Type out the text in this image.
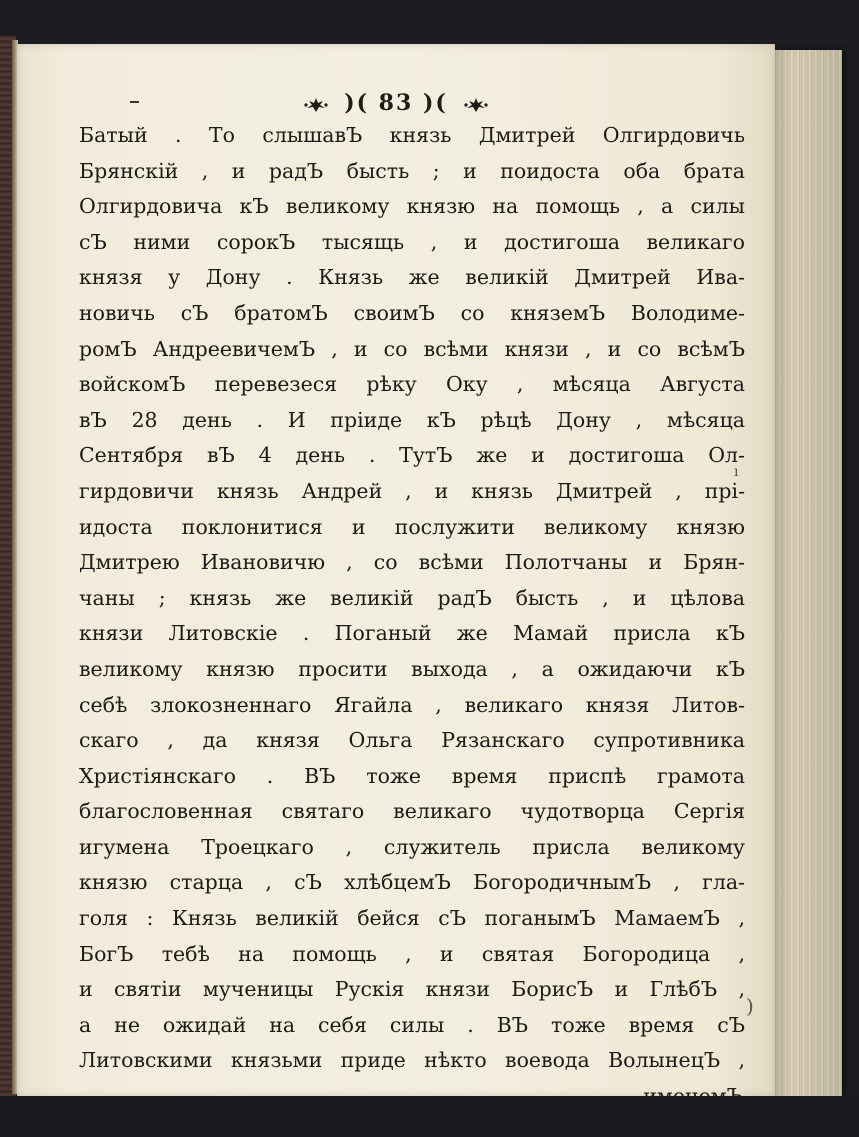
)( 83 )(
Батый . То слышавЪ князь Дмитрей Олгирдовичь
Брянскій , и радЪ бысть ; и поидоста оба брата
Олгирдовича кЪ великому князю на помощь , а силы
сЪ ними сорокЪ тысящь , и достигоша великаго
князя у Дону . Князь же великій Дмитрей Ива-
новичь сЪ братомЪ своимЪ со княземЪ Володиме-
ромЪ АндреевичемЪ , и со всѣми князи , и со всѣмЪ
войскомЪ перевезеся рѣку Оку , мѣсяца Августа
вЪ 28 день . И пріиде кЪ рѣцѣ Дону , мѣсяца
Сентября вЪ 4 день . ТутЪ же и достигоша Ол-
гирдовичи князь Андрей , и князь Дмитрей , прі-
идоста поклонитися и послужити великому князю
Дмитрею Ивановичю , со всѣми Полотчаны и Брян-
чаны ; князь же великій радЪ бысть , и цѣлова
князи Литовскіе . Поганый же Мамай присла кЪ
великому князю просити выхода , а ожидаючи кЪ
себѣ злокозненнаго Ягайла , великаго князя Литов-
скаго , да князя Ольга Рязанскаго супротивника
Христіянскаго . ВЪ тоже время приспѣ грамота
благословенная святаго великаго чудотворца Сергія
игумена Троецкаго , служитель присла великому
князю старца , сЪ хлѣбцемЪ БогородичнымЪ , гла-
голя : Князь великій бейся сЪ поганымЪ МамаемЪ ,
БогЪ тебѣ на помощь , и святая Богородица ,
и святіи мученицы Рускія князи БорисЪ и ГлѣбЪ ,
а не ожидай на себя силы . ВЪ тоже время сЪ
Литовскими князьми приде нѣкто воевода ВолынецЪ ,
ı
)
